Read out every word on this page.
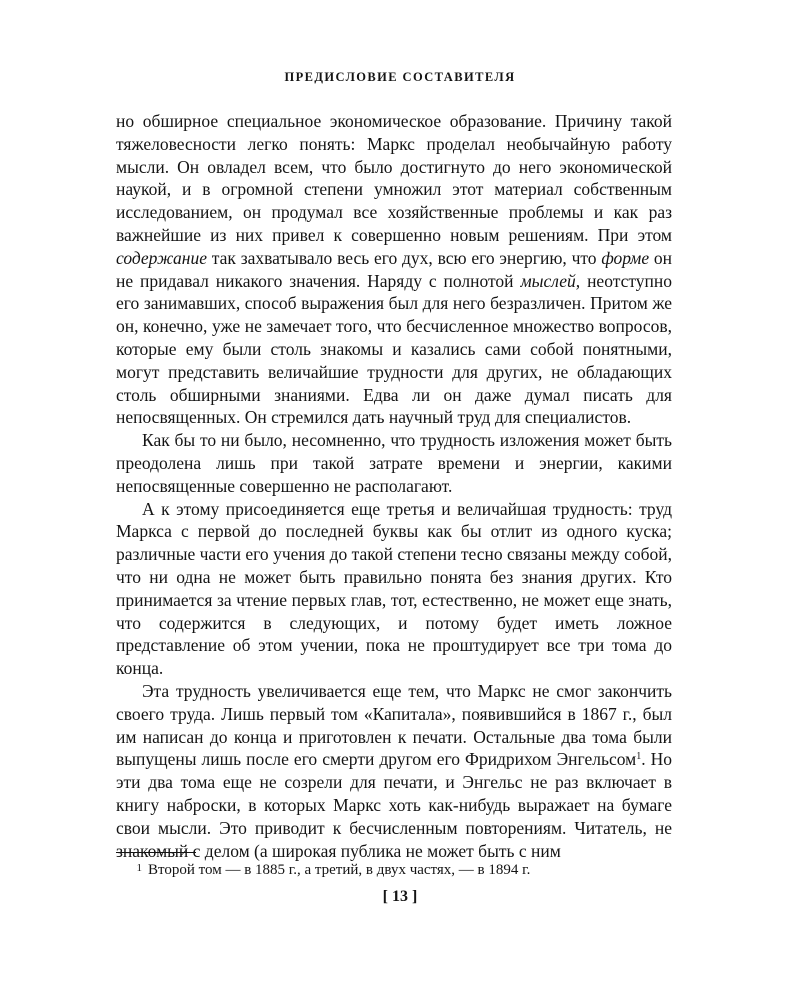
ПРЕДИСЛОВИЕ СОСТАВИТЕЛЯ

но обширное специальное экономическое образование. Причину такой тяжеловесности легко понять: Маркс проделал необычайную работу мысли. Он овладел всем, что было достигнуто до него экономической наукой, и в огромной степени умножил этот материал собственным исследованием, он продумал все хозяйственные проблемы и как раз важнейшие из них привел к совершенно новым решениям. При этом содержание так захватывало весь его дух, всю его энергию, что форме он не придавал никакого значения. Наряду с полнотой мыслей, неотступно его занимавших, способ выражения был для него безразличен. Притом же он, конечно, уже не замечает того, что бесчисленное множество вопросов, которые ему были столь знакомы и казались сами собой понятными, могут представить величайшие трудности для других, не обладающих столь обширными знаниями. Едва ли он даже думал писать для непосвященных. Он стремился дать научный труд для специалистов.

Как бы то ни было, несомненно, что трудность изложения может быть преодолена лишь при такой затрате времени и энергии, какими непосвященные совершенно не располагают.

А к этому присоединяется еще третья и величайшая трудность: труд Маркса с первой до последней буквы как бы отлит из одного куска; различные части его учения до такой степени тесно связаны между собой, что ни одна не может быть правильно понята без знания других. Кто принимается за чтение первых глав, тот, естественно, не может еще знать, что содержится в следующих, и потому будет иметь ложное представление об этом учении, пока не проштудирует все три тома до конца.

Эта трудность увеличивается еще тем, что Маркс не смог закончить своего труда. Лишь первый том «Капитала», появившийся в 1867 г., был им написан до конца и приготовлен к печати. Остальные два тома были выпущены лишь после его смерти другом его Фридрихом Энгельсом$^1$. Но эти два тома еще не созрели для печати, и Энгельс не раз включает в книгу наброски, в которых Маркс хоть как-нибудь выражает на бумаге свои мысли. Это приводит к бесчисленным повторениям. Читатель, не знакомый с делом (а широкая публика не может быть с ним

1 Второй том — в 1885 г., а третий, в двух частях, — в 1894 г.
[ 13 ]
